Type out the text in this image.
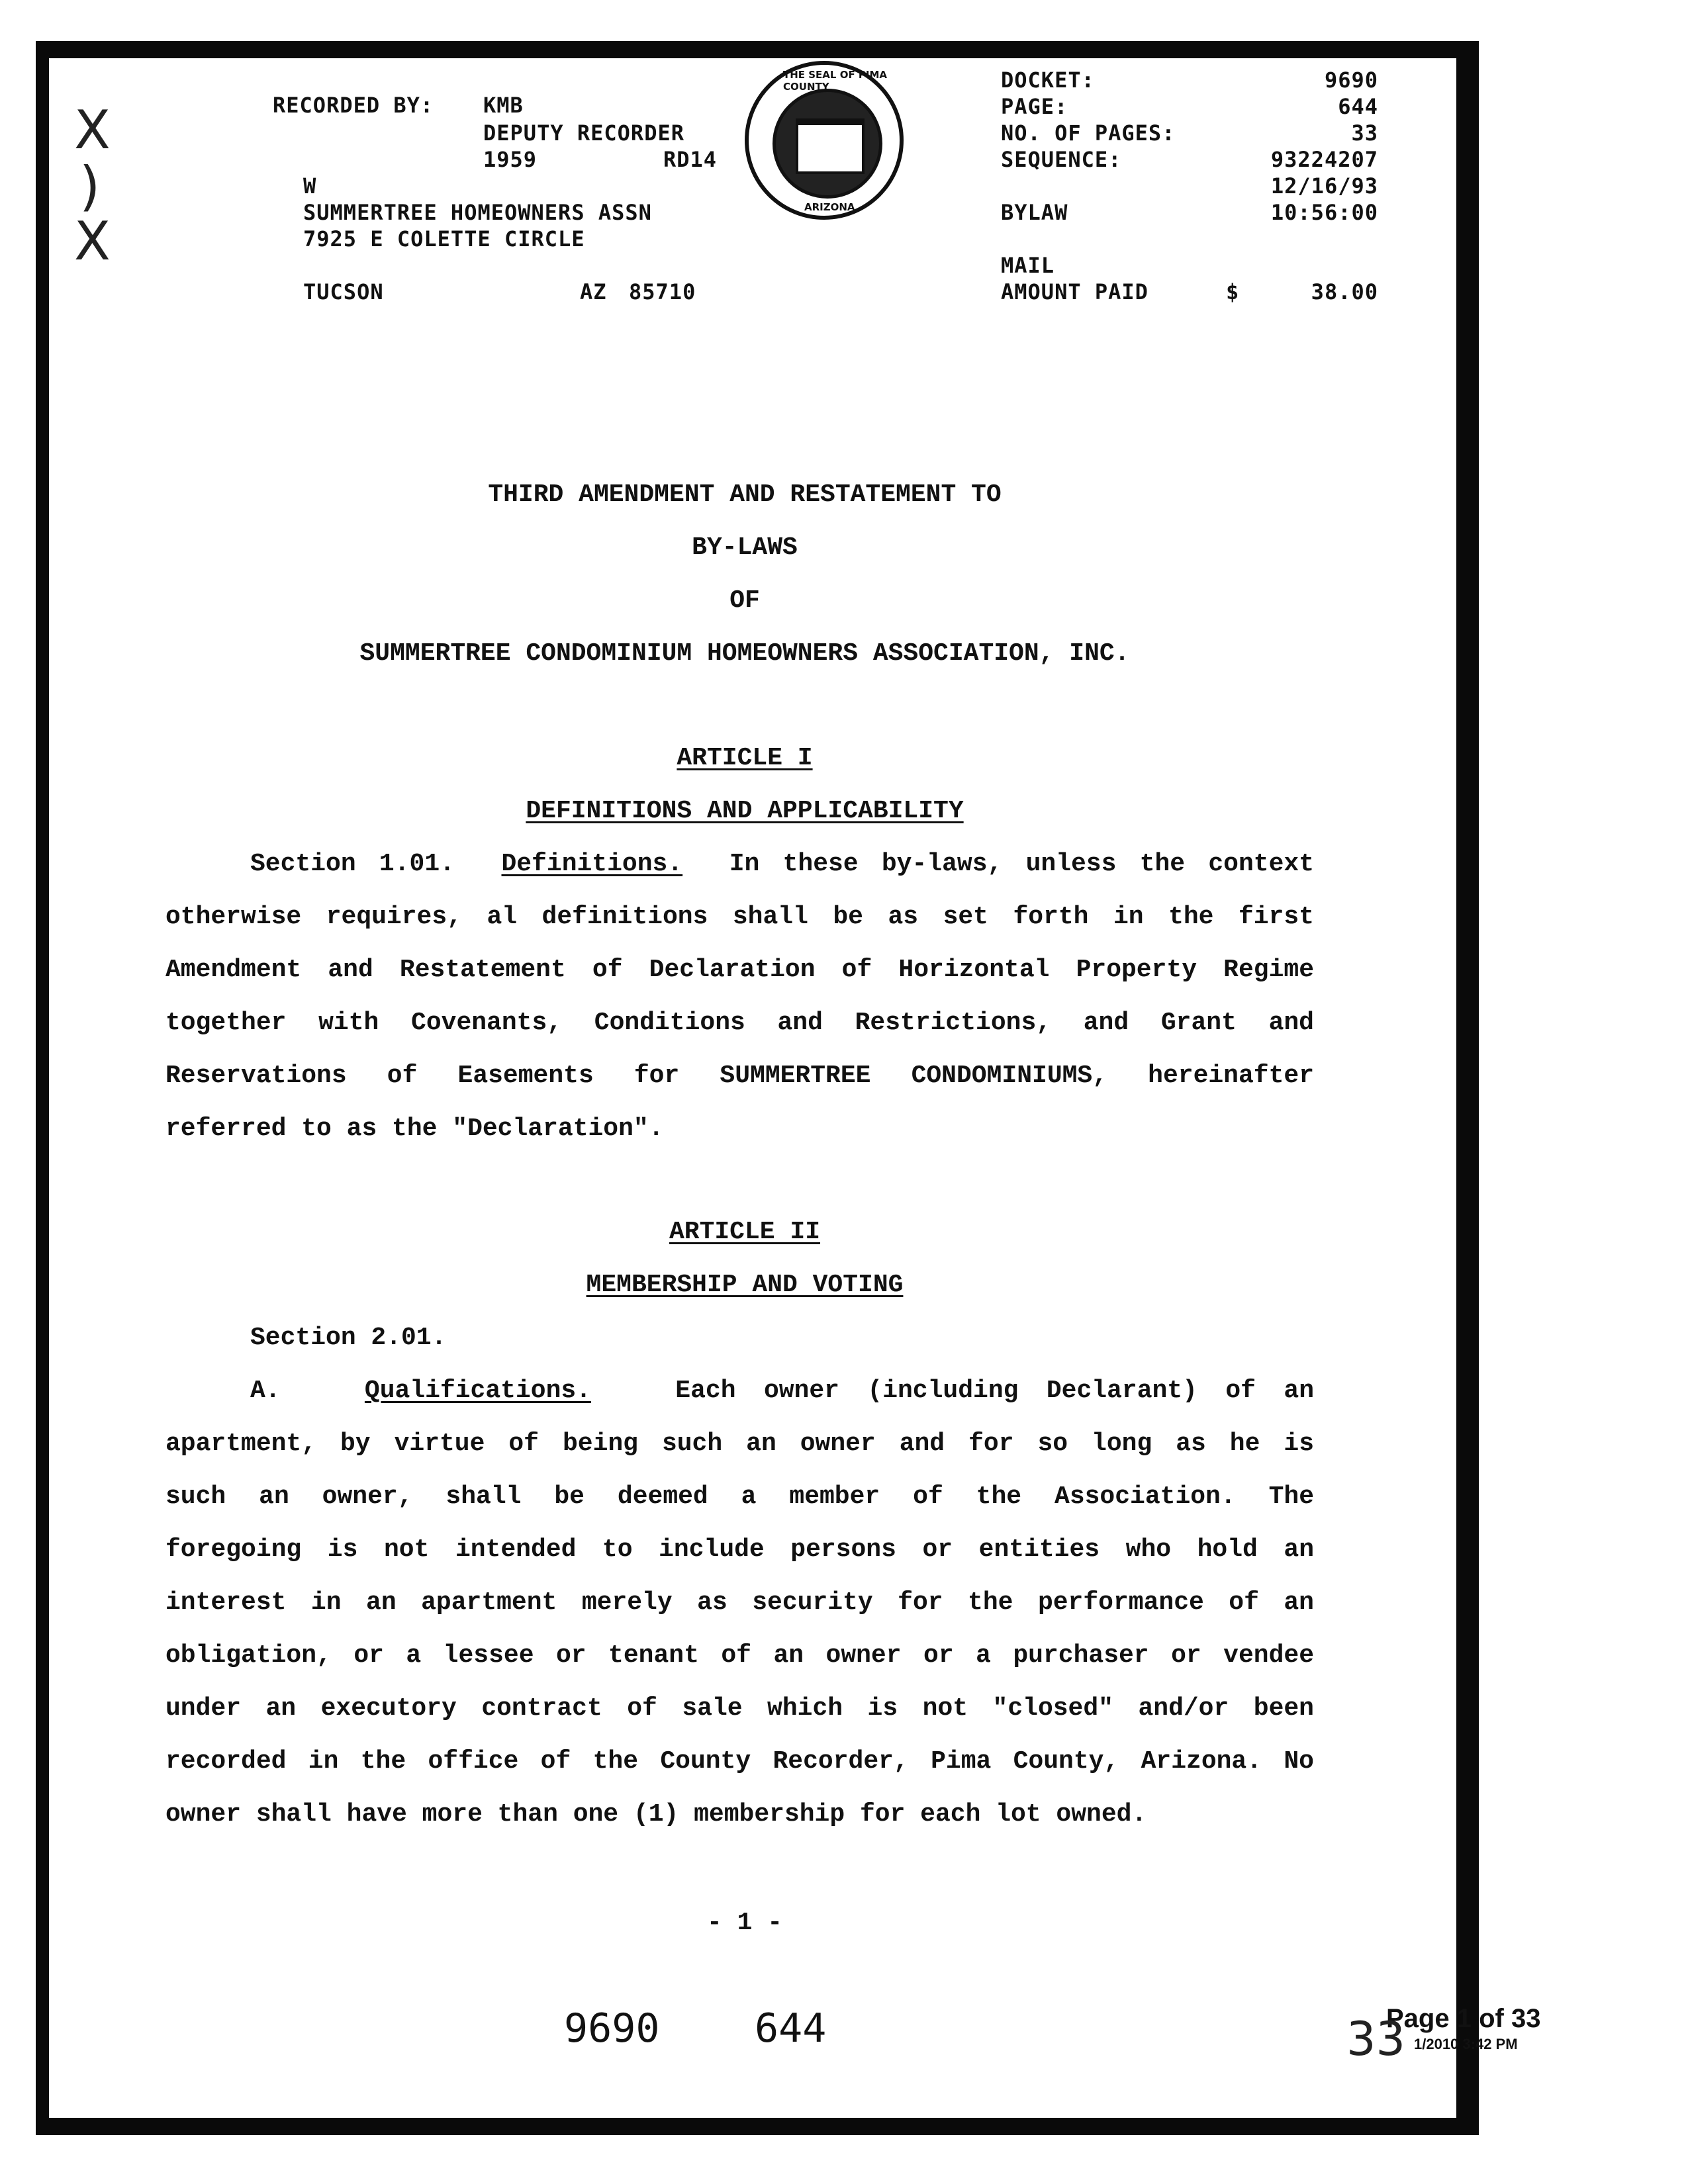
X
)
X
RECORDED BY: KMB
DEPUTY RECORDER
1959	RD14
W
SUMMERTREE HOMEOWNERS ASSN
7925 E COLETTE CIRCLE
TUCSON	AZ 85710
THE SEAL OF PIMA COUNTY
ARIZONA
DOCKET:	9690
PAGE:	644
NO. OF PAGES:	33
SEQUENCE:	93224207
12/16/93
BYLAW	10:56:00
MAIL
AMOUNT PAID	$	38.00
THIRD AMENDMENT AND RESTATEMENT TO
BY-LAWS
OF
SUMMERTREE CONDOMINIUM HOMEOWNERS ASSOCIATION, INC.
ARTICLE I
DEFINITIONS AND APPLICABILITY
Section 1.01. Definitions. In these by-laws, unless the context
otherwise requires, al definitions shall be as set forth in the first
Amendment and Restatement of Declaration of Horizontal Property Regime
together with Covenants, Conditions and Restrictions, and Grant and
Reservations of Easements for SUMMERTREE CONDOMINIUMS, hereinafter
referred to as the "Declaration".
ARTICLE II
MEMBERSHIP AND VOTING
Section 2.01.
A.	Qualifications.	Each owner (including Declarant) of an
apartment, by virtue of being such an owner and for so long as he is
such an owner, shall be deemed a member of the Association. The
foregoing is not intended to include persons or entities who hold an
interest in an apartment merely as security for the performance of an
obligation, or a lessee or tenant of an owner or a purchaser or vendee
under an executory contract of sale which is not "closed" and/or been
recorded in the office of the County Recorder, Pima County, Arizona. No
owner shall have more than one (1) membership for each lot owned.
- 1 -
9690 644	Page 1 of 33
1/2010 3:42 PM
33
